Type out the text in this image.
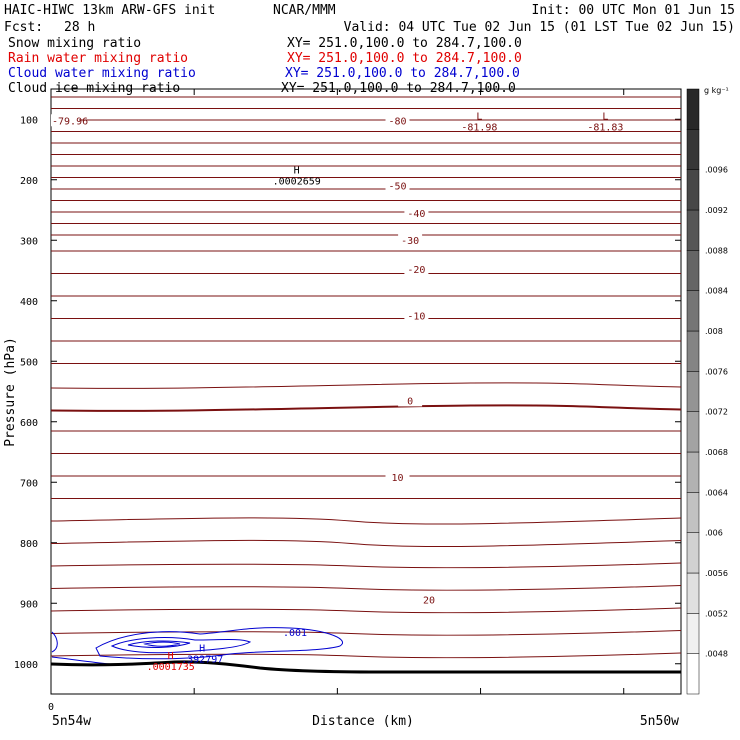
HAIC-HIWC 13km ARW-GFS init	NCAR/MMM	Init: 00 UTC Mon 01 Jun 15
Fcst: 28 h	Valid: 04 UTC Tue 02 Jun 15 (01 LST Tue 02 Jun 15)
Snow mixing ratio	XY= 251.0,100.0 to 284.7,100.0
Rain water mixing ratio	XY= 251.0,100.0 to 284.7,100.0
Cloud water mixing ratio	XY= 251.0,100.0 to 284.7,100.0
Cloud ice mixing ratio	XY= 251.0,100.0 to 284.7,100.0
100
200
300
400
500
600
700
800
900
1000
-80
-50
-40
-30
-20
-10
0
10
20
-79.96
.001
L
-81.98
L
-81.83
H
.0002659
H
.392797
H
.0001735
Pressure (hPa)
Distance (km)
0
5n54w	5n50w
.0048
.0052
.0056
.006
.0064
.0068
.0072
.0076
.008
.0084
.0088
.0092
.0096
g kg⁻¹
